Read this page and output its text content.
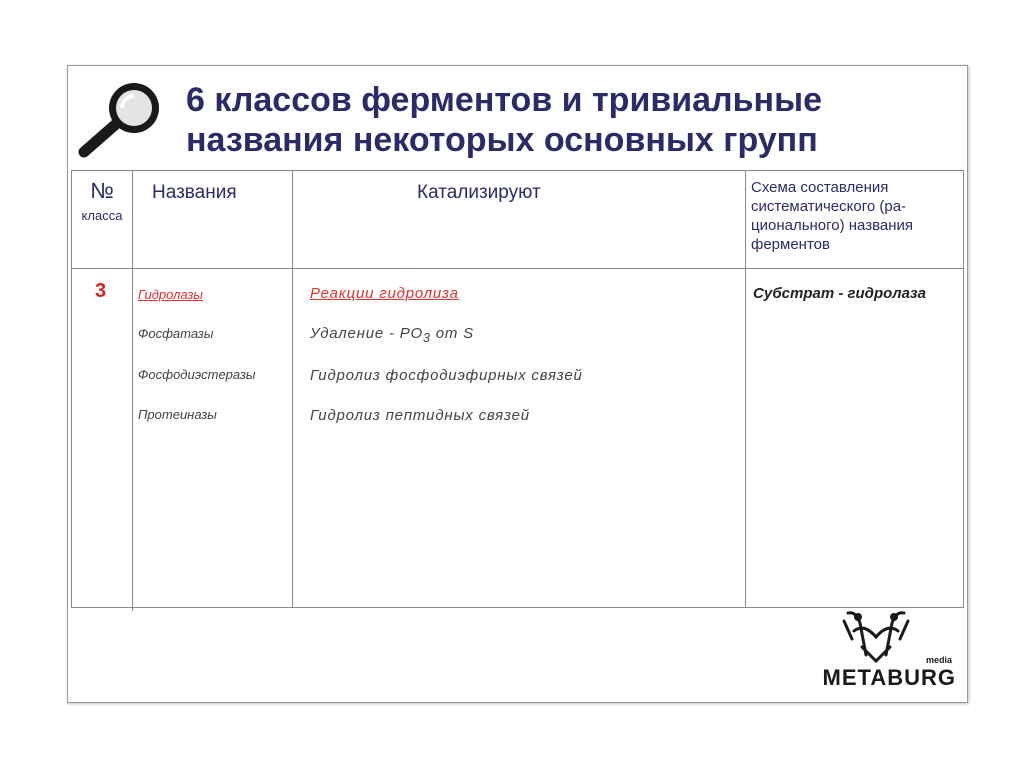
6 классов ферментов и тривиальные
названия некоторых основных групп
№
класса
Названия	Катализируют	Схема составления систематического (ра-ционального) названия ферментов
3 Гидролазы
Фосфатазы
Фосфодиэстеразы
Протеиназы
Реакции гидролиза
Удаление - $PO_3$ от S
Гидролиз фосфодиэфирных связей
Гидролиз пептидных связей
Субстрат - гидролаза
media
METABURG
